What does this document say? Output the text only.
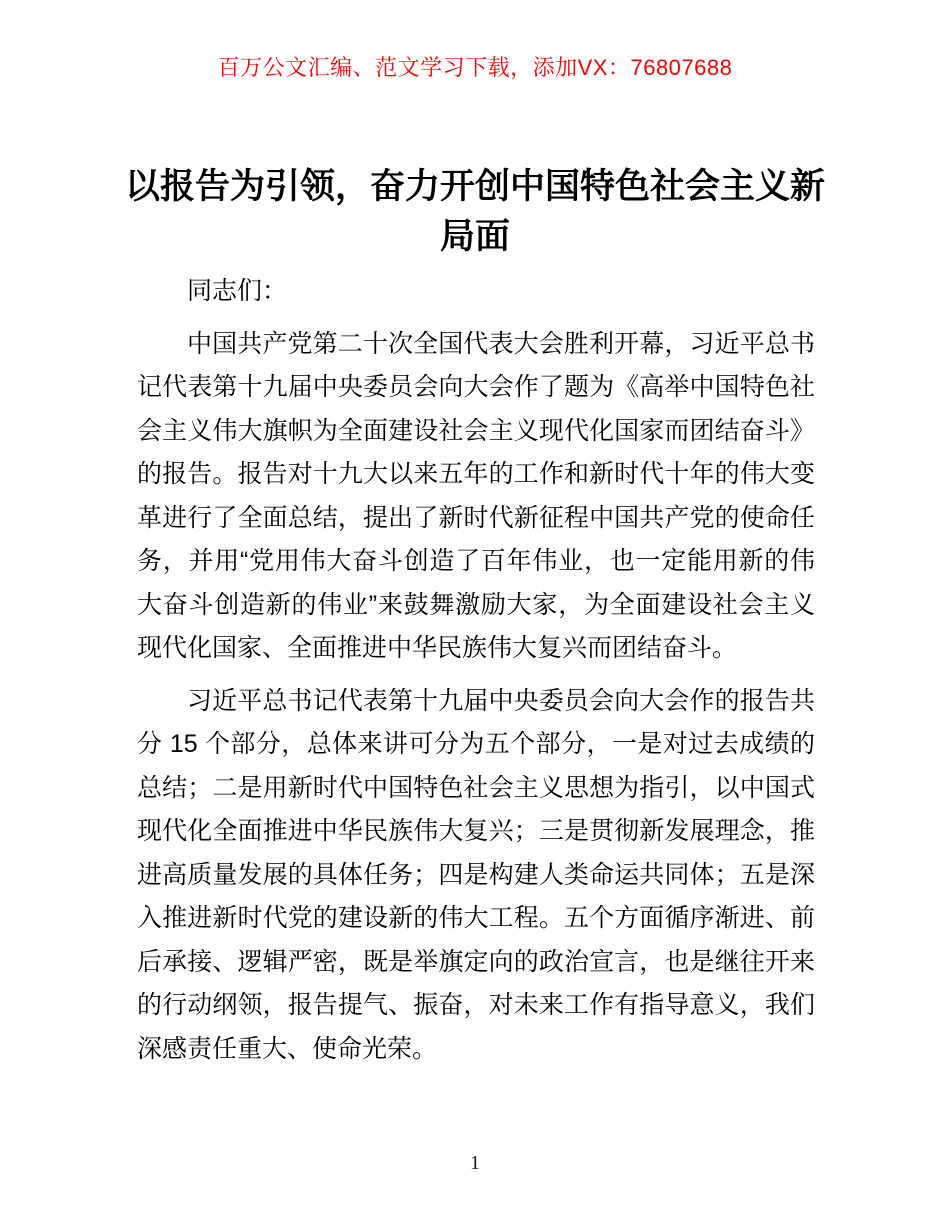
百万公文汇编、范文学习下载，添加VX：76807688
以报告为引领，奋力开创中国特色社会主义新局面

同志们：

中国共产党第二十次全国代表大会胜利开幕，习近平总书记代表第十九届中央委员会向大会作了题为《高举中国特色社会主义伟大旗帜为全面建设社会主义现代化国家而团结奋斗》的报告。报告对十九大以来五年的工作和新时代十年的伟大变革进行了全面总结，提出了新时代新征程中国共产党的使命任务，并用“党用伟大奋斗创造了百年伟业，也一定能用新的伟大奋斗创造新的伟业”来鼓舞激励大家，为全面建设社会主义现代化国家、全面推进中华民族伟大复兴而团结奋斗。

习近平总书记代表第十九届中央委员会向大会作的报告共分 15 个部分，总体来讲可分为五个部分，一是对过去成绩的总结；二是用新时代中国特色社会主义思想为指引，以中国式现代化全面推进中华民族伟大复兴；三是贯彻新发展理念，推进高质量发展的具体任务；四是构建人类命运共同体；五是深入推进新时代党的建设新的伟大工程。五个方面循序渐进、前后承接、逻辑严密，既是举旗定向的政治宣言，也是继往开来的行动纲领，报告提气、振奋，对未来工作有指导意义，我们深感责任重大、使命光荣。

1
